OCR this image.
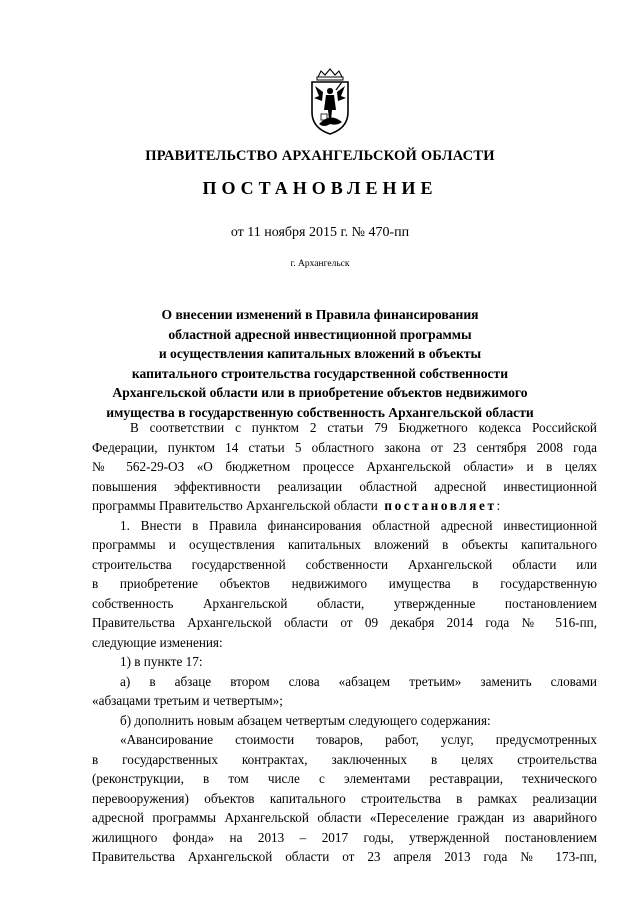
ПРАВИТЕЛЬСТВО АРХАНГЕЛЬСКОЙ ОБЛАСТИ
ПОСТАНОВЛЕНИЕ
от 11 ноября 2015 г. № 470-пп
г. Архангельск
О внесении изменений в Правила финансирования
областной адресной инвестиционной программы
и осуществления капитальных вложений в объекты
капитального строительства государственной собственности
Архангельской области или в приобретение объектов недвижимого
имущества в государственную собственность Архангельской области
В соответствии с пунктом 2 статьи 79 Бюджетного кодекса Российской
Федерации, пунктом 14 статьи 5 областного закона от 23 сентября 2008 года
№ 562-29-ОЗ «О бюджетном процессе Архангельской области» и в целях
повышения эффективности реализации областной адресной инвестиционной
программы Правительство Архангельской области постановляет:
1. Внести в Правила финансирования областной адресной инвестиционной
программы и осуществления капитальных вложений в объекты капитального
строительства государственной собственности Архангельской области или
в приобретение объектов недвижимого имущества в государственную
собственность Архангельской области, утвержденные постановлением
Правительства Архангельской области от 09 декабря 2014 года № 516-пп,
следующие изменения:
1) в пункте 17:
а) в абзаце втором слова «абзацем третьим» заменить словами
«абзацами третьим и четвертым»;
б) дополнить новым абзацем четвертым следующего содержания:
«Авансирование стоимости товаров, работ, услуг, предусмотренных
в государственных контрактах, заключенных в целях строительства
(реконструкции, в том числе с элементами реставрации, технического
перевооружения) объектов капитального строительства в рамках реализации
адресной программы Архангельской области «Переселение граждан из аварийного
жилищного фонда» на 2013 – 2017 годы, утвержденной постановлением
Правительства Архангельской области от 23 апреля 2013 года № 173-пп,
